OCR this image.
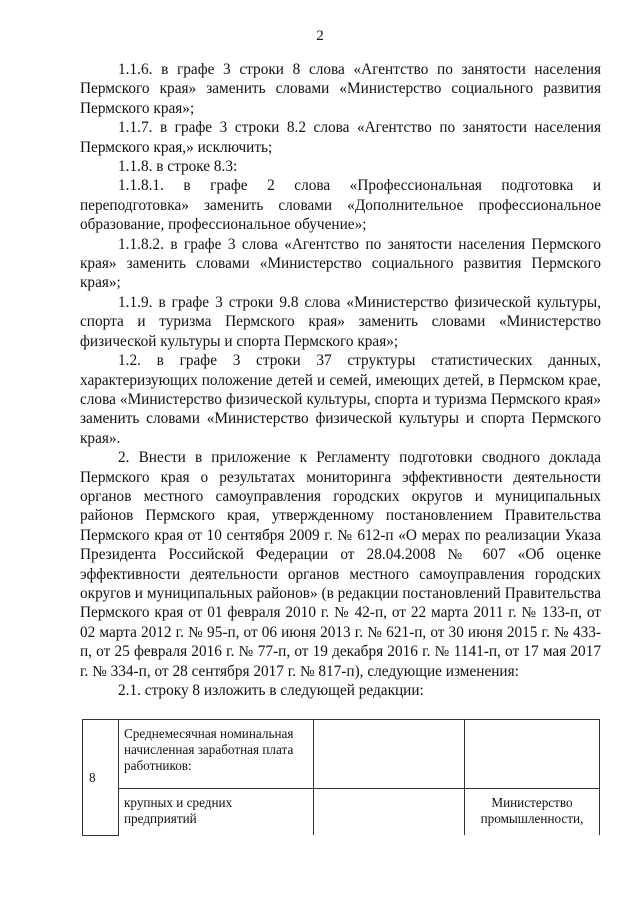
2

1.1.6. в графе 3 строки 8 слова «Агентство по занятости населения Пермского края» заменить словами «Министерство социального развития Пермского края»;

1.1.7. в графе 3 строки 8.2 слова «Агентство по занятости населения Пермского края,» исключить;

1.1.8. в строке 8.3:

1.1.8.1. в графе 2 слова «Профессиональная подготовка и переподготовка» заменить словами «Дополнительное профессиональное образование, профессиональное обучение»;

1.1.8.2. в графе 3 слова «Агентство по занятости населения Пермского края» заменить словами «Министерство социального развития Пермского края»;

1.1.9. в графе 3 строки 9.8 слова «Министерство физической культуры, спорта и туризма Пермского края» заменить словами «Министерство физической культуры и спорта Пермского края»;

1.2. в графе 3 строки 37 структуры статистических данных, характеризующих положение детей и семей, имеющих детей, в Пермском крае, слова «Министерство физической культуры, спорта и туризма Пермского края» заменить словами «Министерство физической культуры и спорта Пермского края».

2. Внести в приложение к Регламенту подготовки сводного доклада Пермского края о результатах мониторинга эффективности деятельности органов местного самоуправления городских округов и муниципальных районов Пермского края, утвержденному постановлением Правительства Пермского края от 10 сентября 2009 г. № 612-п «О мерах по реализации Указа Президента Российской Федерации от 28.04.2008 № 607 «Об оценке эффективности деятельности органов местного самоуправления городских округов и муниципальных районов» (в редакции постановлений Правительства Пермского края от 01 февраля 2010 г. № 42-п, от 22 марта 2011 г. № 133-п, от 02 марта 2012 г. № 95-п, от 06 июня 2013 г. № 621-п, от 30 июня 2015 г. № 433-п, от 25 февраля 2016 г. № 77-п, от 19 декабря 2016 г. № 1141-п, от 17 мая 2017 г. № 334-п, от 28 сентября 2017 г. № 817-п), следующие изменения:

2.1. строку 8 изложить в следующей редакции:

8	Среднемесячная номинальная начисленная заработная плата работников:		
	крупных и средних предприятий		Министерство промышленности,
